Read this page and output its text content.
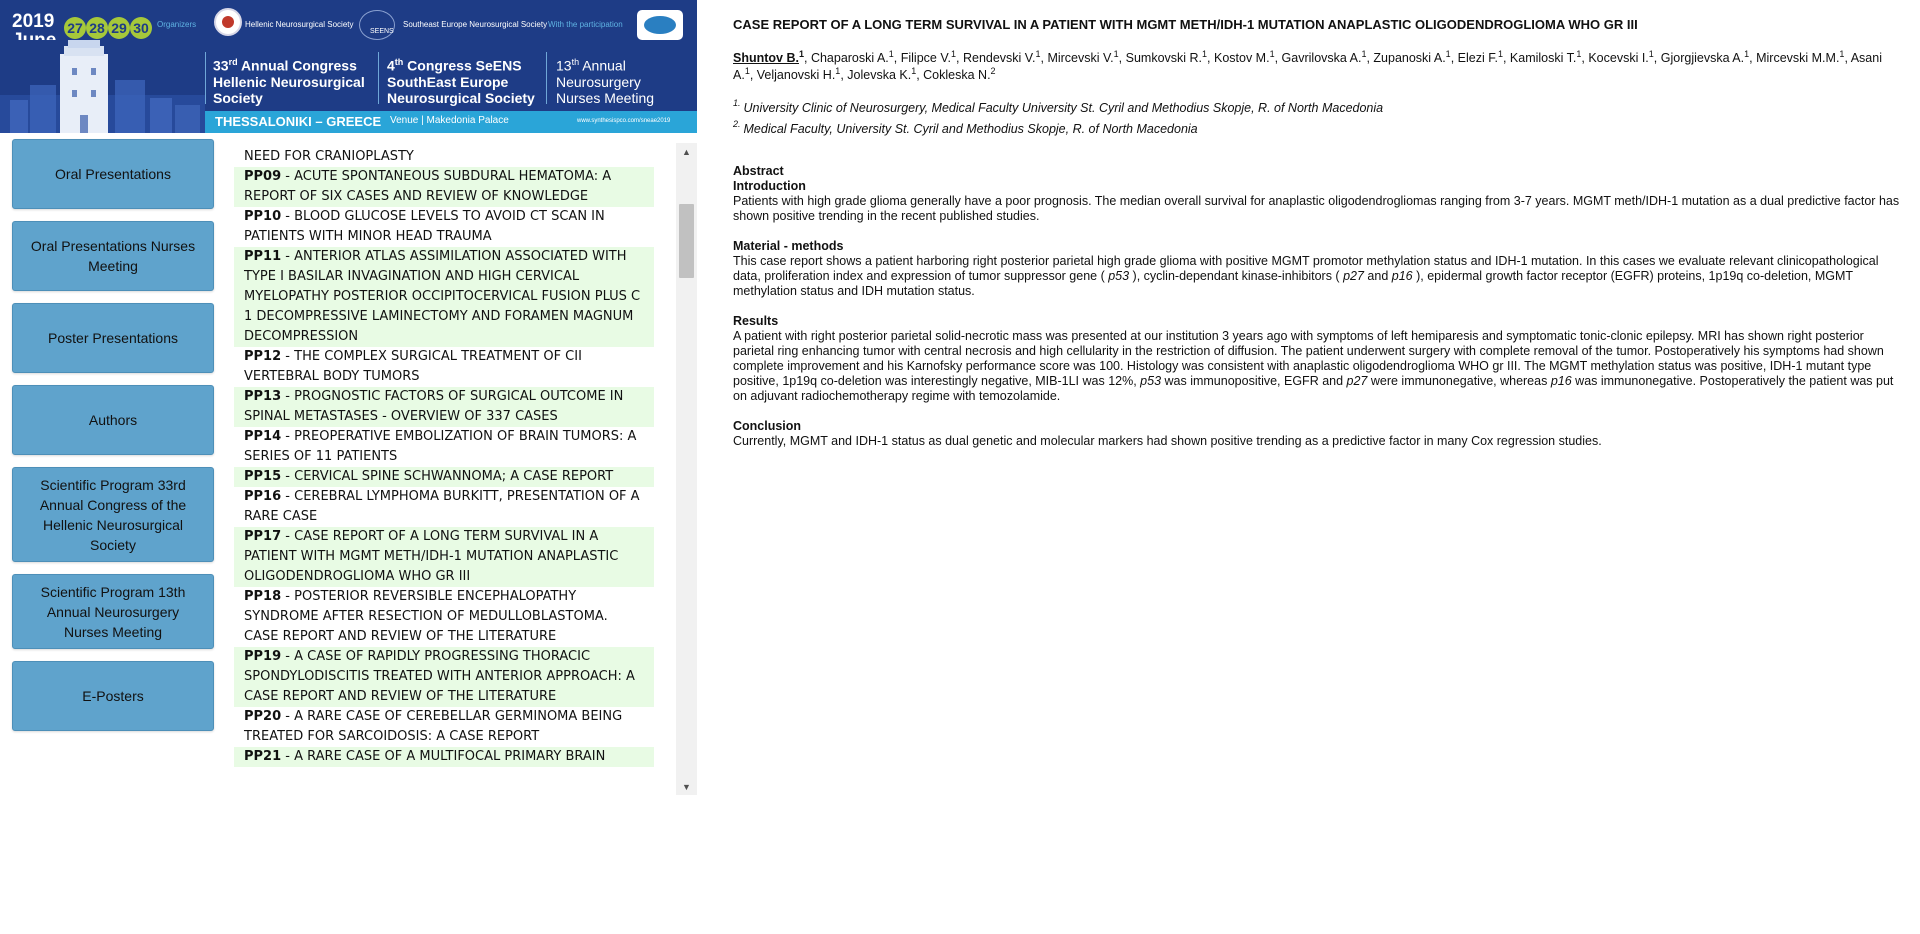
2019 27 28 29 30	Organizers	Hellenic Neurosurgical Society
SEENS
Southeast Europe Neurosurgical Society With the participation
33rd Annual Congress
Hellenic Neurosurgical
Society
4th Congress SeENS
SouthEast Europe
Neurosurgical Society
13th Annual
Neurosurgery
Nurses Meeting
THESSALONIKI – GREECE Venue | Makedonia Palace	www.synthesispco.com/sneae2019
Oral Presentations
Oral Presentations Nurses Meeting
Poster Presentations
Authors
Scientific Program 33rd Annual Congress of the Hellenic Neurosurgical Society
Scientific Program 13th Annual Neurosurgery Nurses Meeting
E-Posters
NEED FOR CRANIOPLASTY
PP09 - ACUTE SPONTANEOUS SUBDURAL HEMATOMA: A REPORT OF SIX CASES AND REVIEW OF KNOWLEDGE
PP10 - BLOOD GLUCOSE LEVELS TO AVOID CT SCAN IN PATIENTS WITH MINOR HEAD TRAUMA
PP11 - ANTERIOR ATLAS ASSIMILATION ASSOCIATED WITH TYPE I BASILAR INVAGINATION AND HIGH CERVICAL MYELOPATHY POSTERIOR OCCIPITOCERVICAL FUSION PLUS C 1 DECOMPRESSIVE LAMINECTOMY AND FORAMEN MAGNUM DECOMPRESSION
PP12 - THE COMPLEX SURGICAL TREATMENT OF CII VERTEBRAL BODY TUMORS
PP13 - PROGNOSTIC FACTORS OF SURGICAL OUTCOME IN SPINAL METASTASES - OVERVIEW OF 337 CASES
PP14 - PREOPERATIVE EMBOLIZATION OF BRAIN TUMORS: A SERIES OF 11 PATIENTS
PP15 - CERVICAL SPINE SCHWANNOMA; A CASE REPORT
PP16 - CEREBRAL LYMPHOMA BURKITT, PRESENTATION OF A RARE CASE
PP17 - CASE REPORT OF A LONG TERM SURVIVAL IN A PATIENT WITH MGMT METH/IDH-1 MUTATION ANAPLASTIC OLIGODENDROGLIOMA WHO GR III
PP18 - POSTERIOR REVERSIBLE ENCEPHALOPATHY SYNDROME AFTER RESECTION OF MEDULLOBLASTOMA. CASE REPORT AND REVIEW OF THE LITERATURE
PP19 - A CASE OF RAPIDLY PROGRESSING THORACIC SPONDYLODISCITIS TREATED WITH ANTERIOR APPROACH: A CASE REPORT AND REVIEW OF THE LITERATURE
PP20 - A RARE CASE OF CEREBELLAR GERMINOMA BEING TREATED FOR SARCOIDOSIS: A CASE REPORT
PP21 - A RARE CASE OF A MULTIFOCAL PRIMARY BRAIN
▲
▼
CASE REPORT OF A LONG TERM SURVIVAL IN A PATIENT WITH MGMT METH/IDH-1 MUTATION ANAPLASTIC OLIGODENDROGLIOMA WHO GR III
Shuntov B.$^1$, Chaparoski A.$^1$, Filipce V.$^1$, Rendevski V.$^1$, Mircevski V.$^1$, Sumkovski R.$^1$, Kostov M.$^1$, Gavrilovska A.$^1$, Zupanoski A.$^1$, Elezi F.$^1$, Kamiloski T.$^1$, Kocevski I.$^1$, Gjorgjievska A.$^1$, Mircevski M.M.$^1$, Asani A.$^1$, Veljanovski H.$^1$, Jolevska K.$^1$, Cokleska N.$^2$
$^{1.}$ University Clinic of Neurosurgery, Medical Faculty University St. Cyril and Methodius Skopje, R. of North Macedonia
$^{2.}$ Medical Faculty, University St. Cyril and Methodius Skopje, R. of North Macedonia
Abstract
Introduction
Patients with high grade glioma generally have a poor prognosis. The median overall survival for anaplastic oligodendrogliomas ranging from 3-7 years. MGMT meth/IDH-1 mutation as a dual predictive factor has shown positive trending in the recent published studies.
Material - methods
This case report shows a patient harboring right posterior parietal high grade glioma with positive MGMT promotor methylation status and IDH-1 mutation. In this cases we evaluate relevant clinicopathological data, proliferation index and expression of tumor suppressor gene ( p53 ), cyclin-dependant kinase-inhibitors ( p27 and p16 ), epidermal growth factor receptor (EGFR) proteins, 1p19q co-deletion, MGMT methylation status and IDH mutation status.
Results
A patient with right posterior parietal solid-necrotic mass was presented at our institution 3 years ago with symptoms of left hemiparesis and symptomatic tonic-clonic epilepsy. MRI has shown right posterior parietal ring enhancing tumor with central necrosis and high cellularity in the restriction of diffusion. The patient underwent surgery with complete removal of the tumor. Postoperatively his symptoms had shown complete improvement and his Karnofsky performance score was 100. Histology was consistent with anaplastic oligodendroglioma WHO gr III. The MGMT methylation status was positive, IDH-1 mutant type positive, 1p19q co-deletion was interestingly negative, MIB-1LI was 12%, p53 was immunopositive, EGFR and p27 were immunonegative, whereas p16 was immunonegative. Postoperatively the patient was put on adjuvant radiochemotherapy regime with temozolamide.
Conclusion
Currently, MGMT and IDH-1 status as dual genetic and molecular markers had shown positive trending as a predictive factor in many Cox regression studies.
